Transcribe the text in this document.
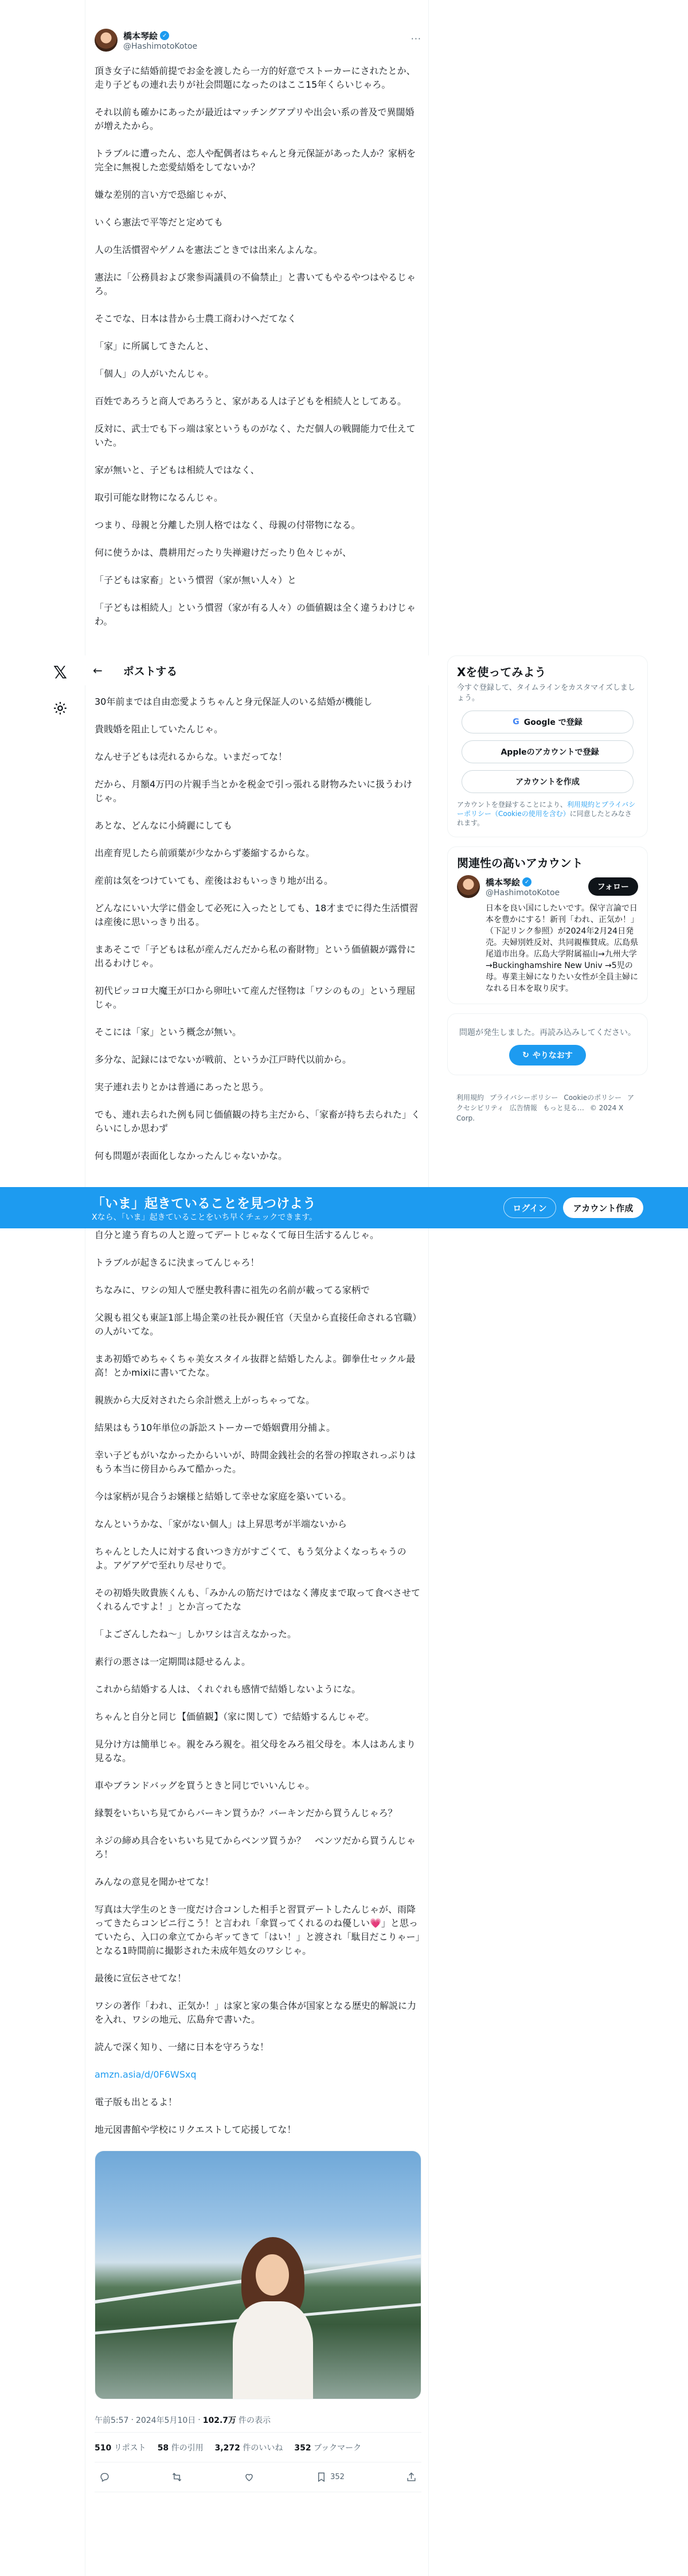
𝕏
橋本琴絵 ✓
@HashimotoKotoe
···

頂き女子に結婚前提でお金を渡したら一方的好意でストーカーにされたとか、走り子どもの連れ去りが社会問題になったのはここ15年くらいじゃろ。

それ以前も確かにあったが最近はマッチングアプリや出会い系の普及で異闊婚が増えたから。

トラブルに遭ったん、恋人や配偶者はちゃんと身元保証があった人か？家柄を完全に無視した恋愛結婚をしてないか？

嫌な差別的言い方で恐縮じゃが、

いくら憲法で平等だと定めても

人の生活慣習やゲノムを憲法ごときでは出来んよんな。

憲法に「公務員および衆参両議員の不倫禁止」と書いてもやるやつはやるじゃろ。

そこでな、日本は昔から士農工商わけへだてなく

「家」に所属してきたんと、

「個人」の人がいたんじゃ。

百姓であろうと商人であろうと、家がある人は子どもを相続人としてある。

反対に、武士でも下っ端は家というものがなく、ただ個人の戦闘能力で仕えていた。

家が無いと、子どもは相続人ではなく、

取引可能な財物になるんじゃ。

つまり、母親と分離した別人格ではなく、母親の付帯物になる。

何に使うかは、農耕用だったり失禅避けだったり色々じゃが、

「子どもは家畜」という慣習（家が無い人々）と

「子どもは相続人」という慣習（家が有る人々）の価値観は全く違うわけじゃわ。

← ポストする

30年前までは自由恋愛ようちゃんと身元保証人のいる結婚が機能し

貴賎婚を阻止していたんじゃ。

なんせ子どもは売れるからな。いまだってな！

だから、月額4万円の片親手当とかを税金で引っ張れる財物みたいに扱うわけじゃ。

あとな、どんなに小綺麗にしても

出産育児したら前頭葉が少なからず萎縮するからな。

産前は気をつけていても、産後はおもいっきり地が出る。

どんなにいい大学に借金して必死に入ったとしても、18才までに得た生活慣習は産後に思いっきり出る。

まあそこで「子どもは私が産んだんだから私の畜財物」という価値観が露骨に出るわけじゃ。

初代ピッコロ大魔王が口から卵吐いて産んだ怪物は「ワシのもの」という理屈じゃ。

そこには「家」という概念が無い。

多分な、記録にはでないが戦前、というか江戸時代以前から。

実子連れ去りとかは普通にあったと思う。

でも、連れ去られた例も同じ価値観の持ち主だから、「家畜が持ち去られた」くらいにしか思わず

何も問題が表面化しなかったんじゃないかな。

「いま」起きていることを見つけよう
Xなら、「いま」起きていることをいち早くチェックできます。
ログイン	アカウント作成

自分と違う育ちの人と遊ってデートじゃなくて毎日生活するんじゃ。

トラブルが起きるに決まってんじゃろ！

ちなみに、ワシの知人で歴史教科書に祖先の名前が載ってる家柄で

父親も祖父も東証1部上場企業の社長か親任官（天皇から直接任命される官職）の人がいてな。

まあ初婚でめちゃくちゃ美女スタイル抜群と結婚したんよ。御拳仕セックル最高！とかmixiに書いてたな。

親族から大反対されたら余計燃え上がっちゃってな。

結果はもう10年単位の訴訟ストーカーで婚姻費用分捕よ。

幸い子どもがいなかったからいいが、時間金銭社会的名誉の搾取されっぷりはもう本当に傍目からみて酷かった。

今は家柄が見合うお嬢様と結婚して幸せな家庭を築いている。

なんというかな、「家がない個人」は上昇思考が半端ないから

ちゃんとした人に対する食いつき方がすごくて、もう気分よくなっちゃうのよ。アゲアゲで至れり尽せりで。

その初婚失敗貴族くんも、「みかんの筋だけではなく薄皮まで取って食べさせてくれるんですよ！」とか言ってたな

「よござんしたね〜」しかワシは言えなかった。

素行の悪さは一定期間は隠せるんよ。

これから結婚する人は、くれぐれも感情で結婚しないようにな。

ちゃんと自分と同じ【価値観】（家に関して）で結婚するんじゃぞ。

見分け方は簡単じゃ。親をみろ親を。祖父母をみろ祖父母を。本人はあんまり見るな。

車やブランドバッグを買うときと同じでいいんじゃ。

縁製をいちいち見てからバーキン買うか？バーキンだから買うんじゃろ？

ネジの締め具合をいちいち見てからベンツ買うか？　ベンツだから買うんじゃろ！

みんなの意見を聞かせてな！

写真は大学生のとき一度だけ合コンした相手と習買デートしたんじゃが、雨降ってきたらコンビニ行こう！と言われ「傘買ってくれるのね優しい💗」と思っていたら、入口の傘立てからギッてきて「はい！」と渡され「駄目だこりゃー」となる1時間前に撮影された未成年処女のワシじゃ。

最後に宣伝させてな！

ワシの著作「われ、正気か！」は家と家の集合体が国家となる歴史的解説に力を入れ、ワシの地元、広島弁で書いた。

読んで深く知り、一緒に日本を守ろうな！

amzn.asia/d/0F6WSxq

電子版も出とるよ！

地元図書館や学校にリクエストして応援してな！

午前5:57 · 2024年5月10日 · 102.7万 件の表示
510 リポスト 58 件の引用 3,272 件のいいね 352 ブックマーク
352
Xを使ってみよう
今すぐ登録して、タイムラインをカスタマイズしましょう。
G Google で登録
Appleのアカウントで登録
アカウントを作成
アカウントを登録することにより、利用規約とプライバシーポリシー（Cookieの使用を含む）に同意したとみなされます。
関連性の高いアカウント
橋本琴絵 ✓
@HashimotoKotoe
フォロー
日本を良い国にしたいです。保守言論で日本を豊かにする！新刊「われ、正気か！」（下記リンク参照）が2024年2月24日発売。夫婦別姓反対、共同親権賛成。広島県尾道市出身。広島大学附属福山→九州大学→Buckinghamshire New Univ →5児の母。専業主婦になりたい女性が全員主婦になれる日本を取り戻す。
問題が発生しました。再読み込みしてください。
↻ やりなおす
利用規約 プライバシーポリシー Cookieのポリシー アクセシビリティ 広告情報 もっと見る… © 2024 X Corp.
